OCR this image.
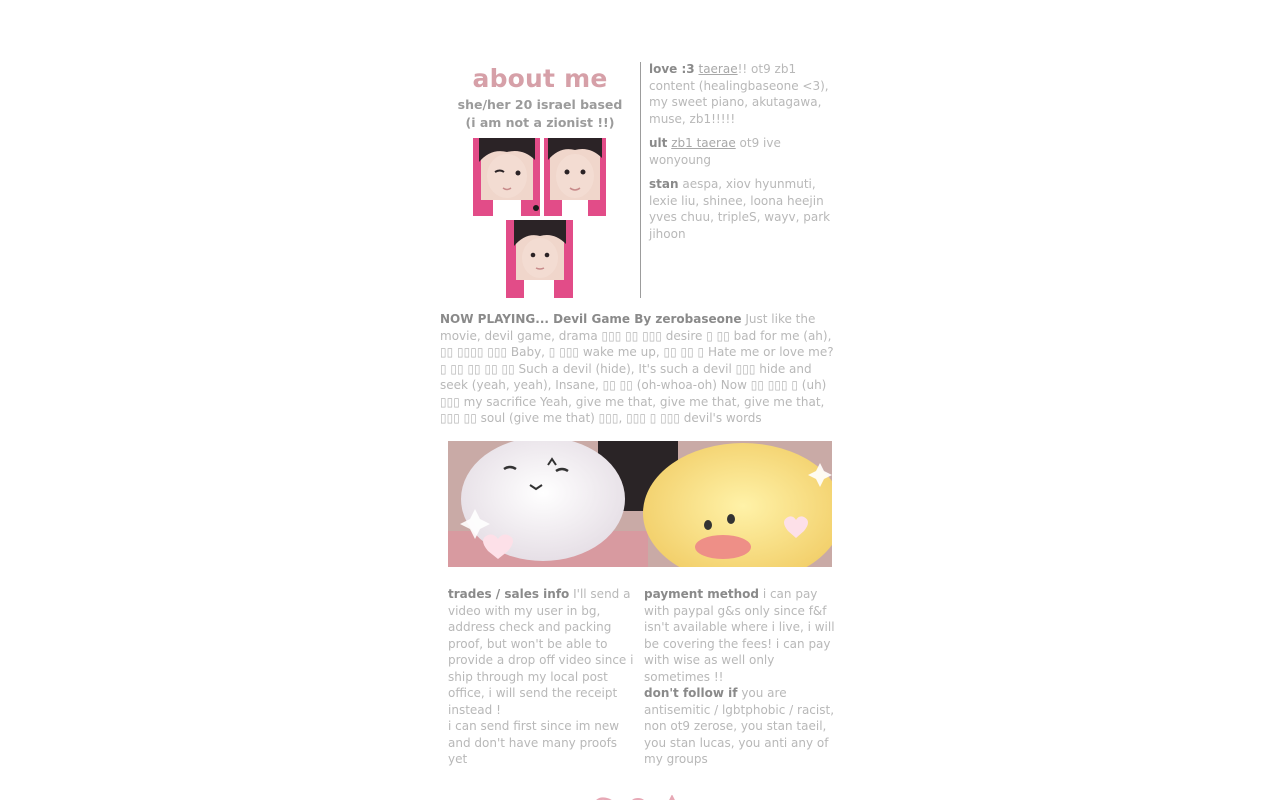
about me

she/her 20 israel based

(i am not a zionist !!)

love :3 taerae!! ot9 zb1 content (healingbaseone <3), my sweet piano, akutagawa, muse, zb1!!!!!

ult zb1 taerae ot9 ive wonyoung

stan aespa, xiov hyunmuti, lexie liu, shinee, loona heejin yves chuu, tripleS, wayv, park jihoon

NOW PLAYING... Devil Game By zerobaseone Just like the movie, devil game, drama ▯▯▯ ▯▯ ▯▯▯ desire ▯ ▯▯ bad for me (ah), ▯▯ ▯▯▯▯ ▯▯▯ Baby, ▯ ▯▯▯ wake me up, ▯▯ ▯▯ ▯ Hate me or love me? ▯ ▯▯ ▯▯ ▯▯ ▯▯ Such a devil (hide), It's such a devil ▯▯▯ hide and seek (yeah, yeah), Insane, ▯▯ ▯▯ (oh-whoa-oh) Now ▯▯ ▯▯▯ ▯ (uh) ▯▯▯ my sacrifice Yeah, give me that, give me that, give me that, ▯▯▯ ▯▯ soul (give me that) ▯▯▯, ▯▯▯ ▯ ▯▯▯ devil's words

trades / sales info I'll send a video with my user in bg, address check and packing proof, but won't be able to provide a drop off video since i ship through my local post office, i will send the receipt instead !

i can send first since im new and don't have many proofs yet

payment method i can pay with paypal g&s only since f&f isn't available where i live, i will be covering the fees! i can pay with wise as well only sometimes !!

don't follow if you are antisemitic / lgbtphobic / racist, non ot9 zerose, you stan taeil, you stan lucas, you anti any of my groups
